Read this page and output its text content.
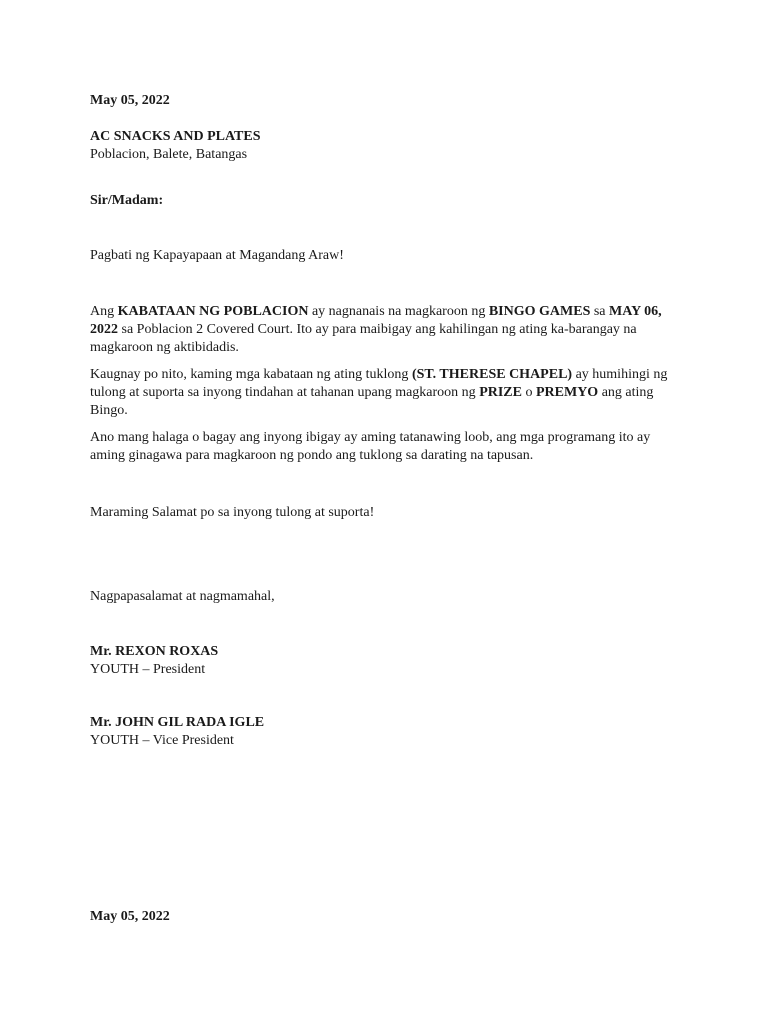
May 05, 2022
AC SNACKS AND PLATES
Poblacion, Balete, Batangas
Sir/Madam:
Pagbati ng Kapayapaan at Magandang Araw!
Ang KABATAAN NG POBLACION ay nagnanais na magkaroon ng BINGO GAMES sa MAY 06, 2022 sa Poblacion 2 Covered Court. Ito ay para maibigay ang kahilingan ng ating ka-barangay na magkaroon ng aktibidadis.
Kaugnay po nito, kaming mga kabataan ng ating tuklong (ST. THERESE CHAPEL) ay humihingi ng tulong at suporta sa inyong tindahan at tahanan upang magkaroon ng PRIZE o PREMYO ang ating Bingo.
Ano mang halaga o bagay ang inyong ibigay ay aming tatanawing loob, ang mga programang ito ay aming ginagawa para magkaroon ng pondo ang tuklong sa darating na tapusan.
Maraming Salamat po sa inyong tulong at suporta!
Nagpapasalamat at nagmamahal,
Mr. REXON ROXAS
YOUTH – President
Mr. JOHN GIL RADA IGLE
YOUTH – Vice President
May 05, 2022
